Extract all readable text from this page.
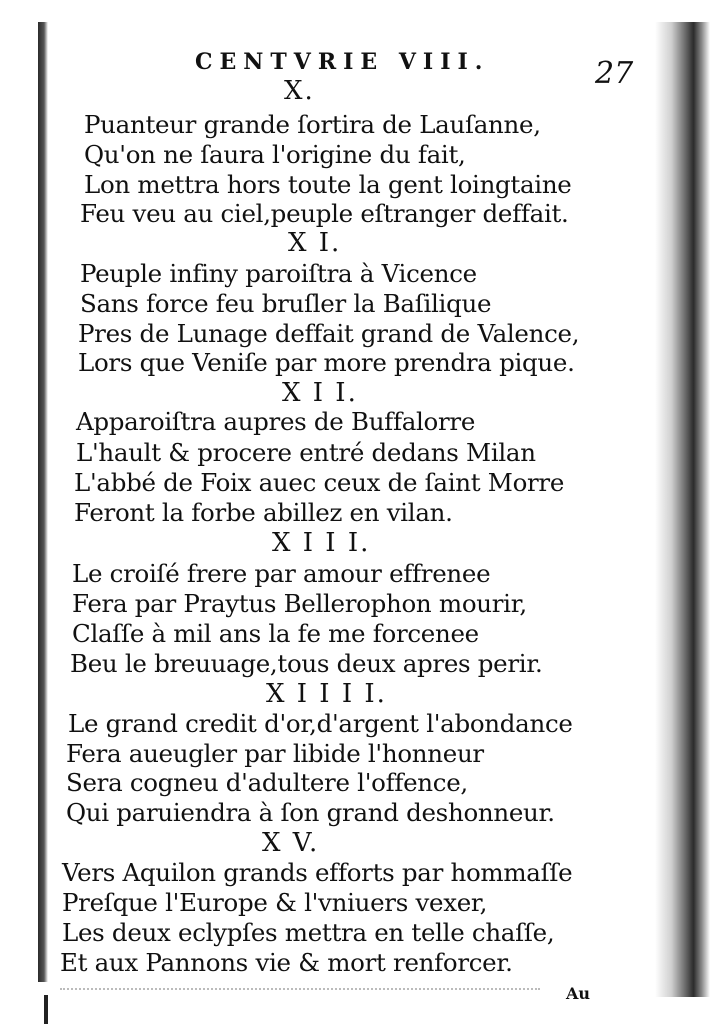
CENTVRIE VIII.	27
X.
Puanteur grande ſortira de Lauſanne,
Qu'on ne ſaura l'origine du fait,
Lon mettra hors toute la gent loingtaine
Feu veu au ciel,peuple eſtranger deffait.
X I.
Peuple infiny paroiſtra à Vicence
Sans force feu bruſler la Baſilique
Pres de Lunage deffait grand de Valence,
Lors que Veniſe par more prendra pique.
X I I.
Apparoiſtra aupres de Buffalorre
L'hault & procere entré dedans Milan
L'abbé de Foix auec ceux de ſaint Morre
Feront la forbe abillez en vilan.
X I I I.
Le croiſé frere par amour effrenee
Fera par Praytus Bellerophon mourir,
Claſſe à mil ans la fe me forcenee
Beu le breuuage,tous deux apres perir.
X I I I I.
Le grand credit d'or,d'argent l'abondance
Fera aueugler par libide l'honneur
Sera cogneu d'adultere l'offence,
Qui paruiendra à ſon grand deshonneur.
X V.
Vers Aquilon grands efforts par hommaſſe
Preſque l'Europe & l'vniuers vexer,
Les deux eclypſes mettra en telle chaſſe,
Et aux Pannons vie & mort renforcer.
Au
